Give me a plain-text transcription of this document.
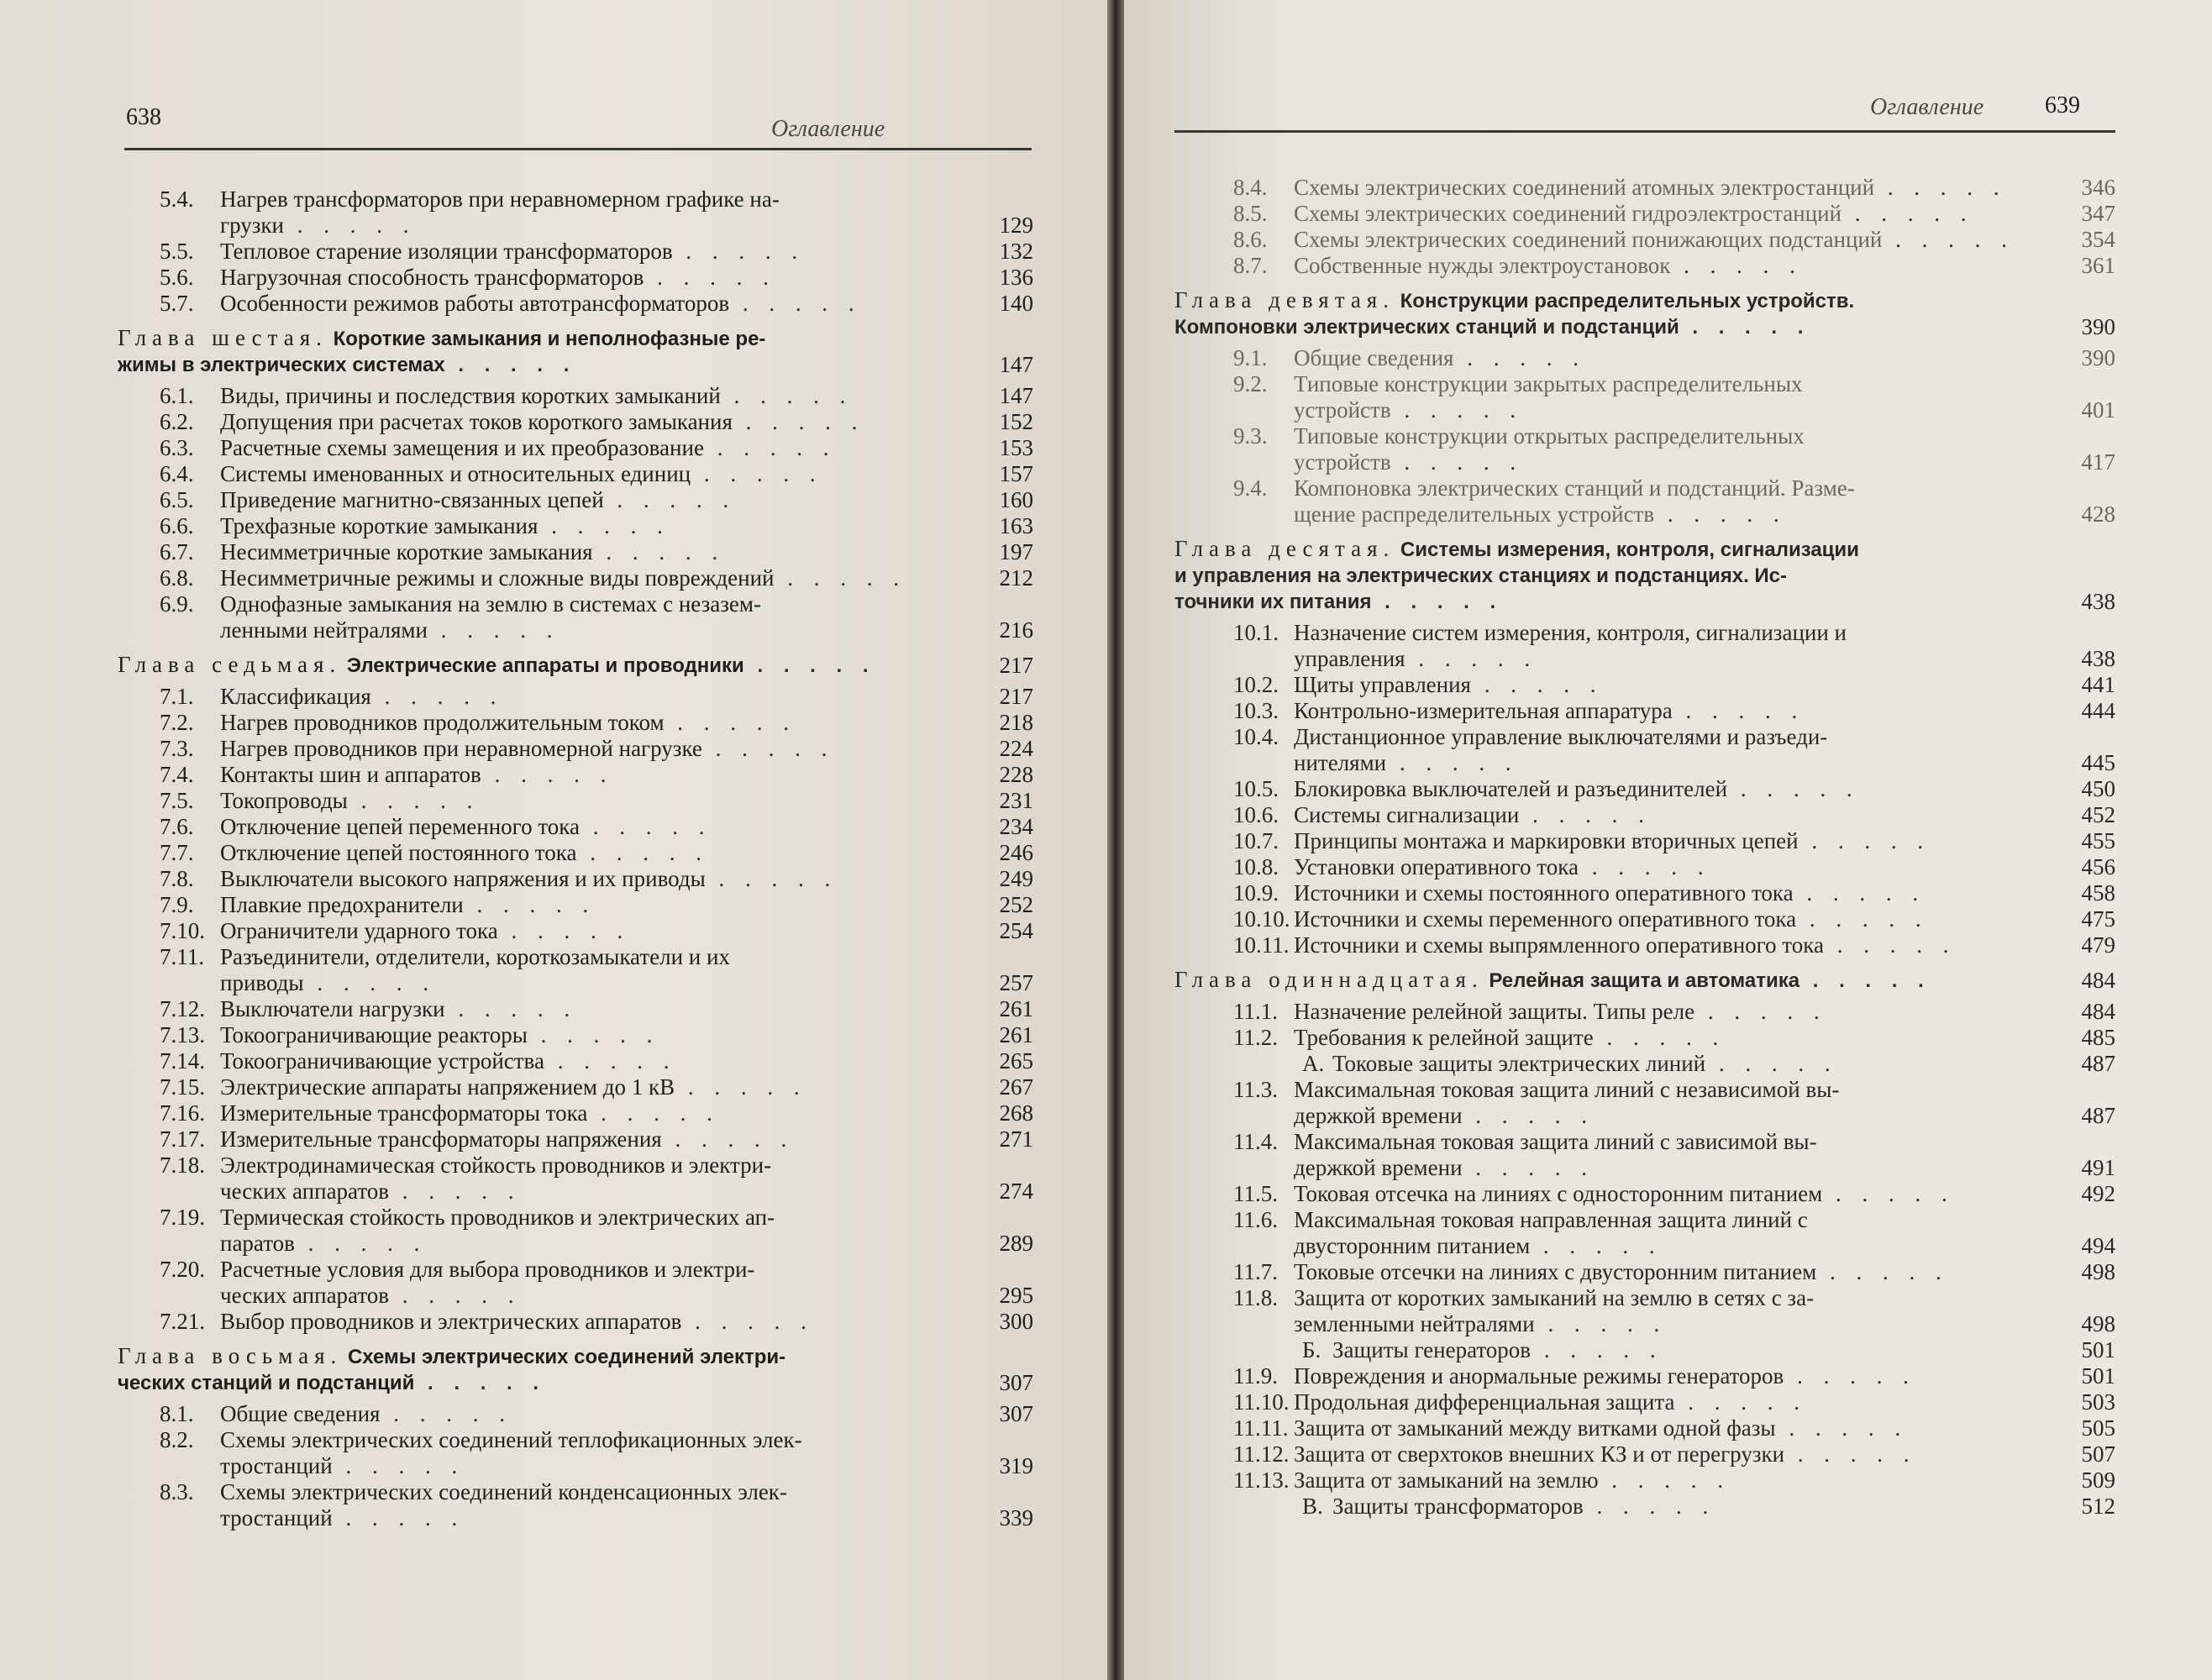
638	Оглавление
5.4. Нагрев трансформаторов при неравномерном графике на-
грузки . . . . .	129
5.5. Тепловое старение изоляции трансформаторов . . . . .	132
5.6. Нагрузочная способность трансформаторов . . . . .	136
5.7. Особенности режимов работы автотрансформаторов . . . . .	140
Глава шестая. Короткие замыкания и неполнофазные ре-
жимы в электрических системах . . . . .	147
6.1. Виды, причины и последствия коротких замыканий . . . . .	147
6.2. Допущения при расчетах токов короткого замыкания . . . . .	152
6.3. Расчетные схемы замещения и их преобразование . . . . .	153
6.4. Системы именованных и относительных единиц . . . . .	157
6.5. Приведение магнитно-связанных цепей . . . . .	160
6.6. Трехфазные короткие замыкания . . . . .	163
6.7. Несимметричные короткие замыкания . . . . .	197
6.8. Несимметричные режимы и сложные виды повреждений . . . . .	212
6.9. Однофазные замыкания на землю в системах с незазем-
ленными нейтралями . . . . .	216
Глава седьмая. Электрические аппараты и проводники . . . . .	217
7.1. Классификация . . . . .	217
7.2. Нагрев проводников продолжительным током . . . . .	218
7.3. Нагрев проводников при неравномерной нагрузке . . . . .	224
7.4. Контакты шин и аппаратов . . . . .	228
7.5. Токопроводы . . . . .	231
7.6. Отключение цепей переменного тока . . . . .	234
7.7. Отключение цепей постоянного тока . . . . .	246
7.8. Выключатели высокого напряжения и их приводы . . . . .	249
7.9. Плавкие предохранители . . . . .	252
7.10. Ограничители ударного тока . . . . .	254
7.11. Разъединители, отделители, короткозамыкатели и их
приводы . . . . .	257
7.12. Выключатели нагрузки . . . . .	261
7.13. Токоограничивающие реакторы . . . . .	261
7.14. Токоограничивающие устройства . . . . .	265
7.15. Электрические аппараты напряжением до 1 кВ . . . . .	267
7.16. Измерительные трансформаторы тока . . . . .	268
7.17. Измерительные трансформаторы напряжения . . . . .	271
7.18. Электродинамическая стойкость проводников и электри-
ческих аппаратов . . . . .	274
7.19. Термическая стойкость проводников и электрических ап-
паратов . . . . .	289
7.20. Расчетные условия для выбора проводников и электри-
ческих аппаратов . . . . .	295
7.21. Выбор проводников и электрических аппаратов . . . . .	300
Глава восьмая. Схемы электрических соединений электри-
ческих станций и подстанций . . . . .	307
8.1. Общие сведения . . . . .	307
8.2. Схемы электрических соединений теплофикационных элек-
тростанций . . . . .	319
8.3. Схемы электрических соединений конденсационных элек-
тростанций . . . . .	339
Оглавление	639
8.4. Схемы электрических соединений атомных электростанций . . . . .	346
8.5. Схемы электрических соединений гидроэлектростанций . . . . .	347
8.6. Схемы электрических соединений понижающих подстанций . . . . .	354
8.7. Собственные нужды электроустановок . . . . .	361
Глава девятая. Конструкции распределительных устройств.
Компоновки электрических станций и подстанций . . . . .	390
9.1. Общие сведения . . . . .	390
9.2. Типовые конструкции закрытых распределительных
устройств . . . . .	401
9.3. Типовые конструкции открытых распределительных
устройств . . . . .	417
9.4. Компоновка электрических станций и подстанций. Разме-
щение распределительных устройств . . . . .	428
Глава десятая. Системы измерения, контроля, сигнализации
и управления на электрических станциях и подстанциях. Ис-
точники их питания . . . . .	438
10.1. Назначение систем измерения, контроля, сигнализации и
управления . . . . .	438
10.2. Щиты управления . . . . .	441
10.3. Контрольно-измерительная аппаратура . . . . .	444
10.4. Дистанционное управление выключателями и разъеди-
нителями . . . . .	445
10.5. Блокировка выключателей и разъединителей . . . . .	450
10.6. Системы сигнализации . . . . .	452
10.7. Принципы монтажа и маркировки вторичных цепей . . . . .	455
10.8. Установки оперативного тока . . . . .	456
10.9. Источники и схемы постоянного оперативного тока . . . . .	458
10.10. Источники и схемы переменного оперативного тока . . . . .	475
10.11. Источники и схемы выпрямленного оперативного тока . . . . .	479
Глава одиннадцатая. Релейная защита и автоматика . . . . .	484
11.1. Назначение релейной защиты. Типы реле . . . . .	484
11.2. Требования к релейной защите . . . . .	485
А. Токовые защиты электрических линий . . . . .	487
11.3. Максимальная токовая защита линий с независимой вы-
держкой времени . . . . .	487
11.4. Максимальная токовая защита линий с зависимой вы-
держкой времени . . . . .	491
11.5. Токовая отсечка на линиях с односторонним питанием . . . . .	492
11.6. Максимальная токовая направленная защита линий с
двусторонним питанием . . . . .	494
11.7. Токовые отсечки на линиях с двусторонним питанием . . . . .	498
11.8. Защита от коротких замыканий на землю в сетях с за-
земленными нейтралями . . . . .	498
Б. Защиты генераторов . . . . .	501
11.9. Повреждения и анормальные режимы генераторов . . . . .	501
11.10. Продольная дифференциальная защита . . . . .	503
11.11. Защита от замыканий между витками одной фазы . . . . .	505
11.12. Защита от сверхтоков внешних КЗ и от перегрузки . . . . .	507
11.13. Защита от замыканий на землю . . . . .	509
В. Защиты трансформаторов . . . . .	512
